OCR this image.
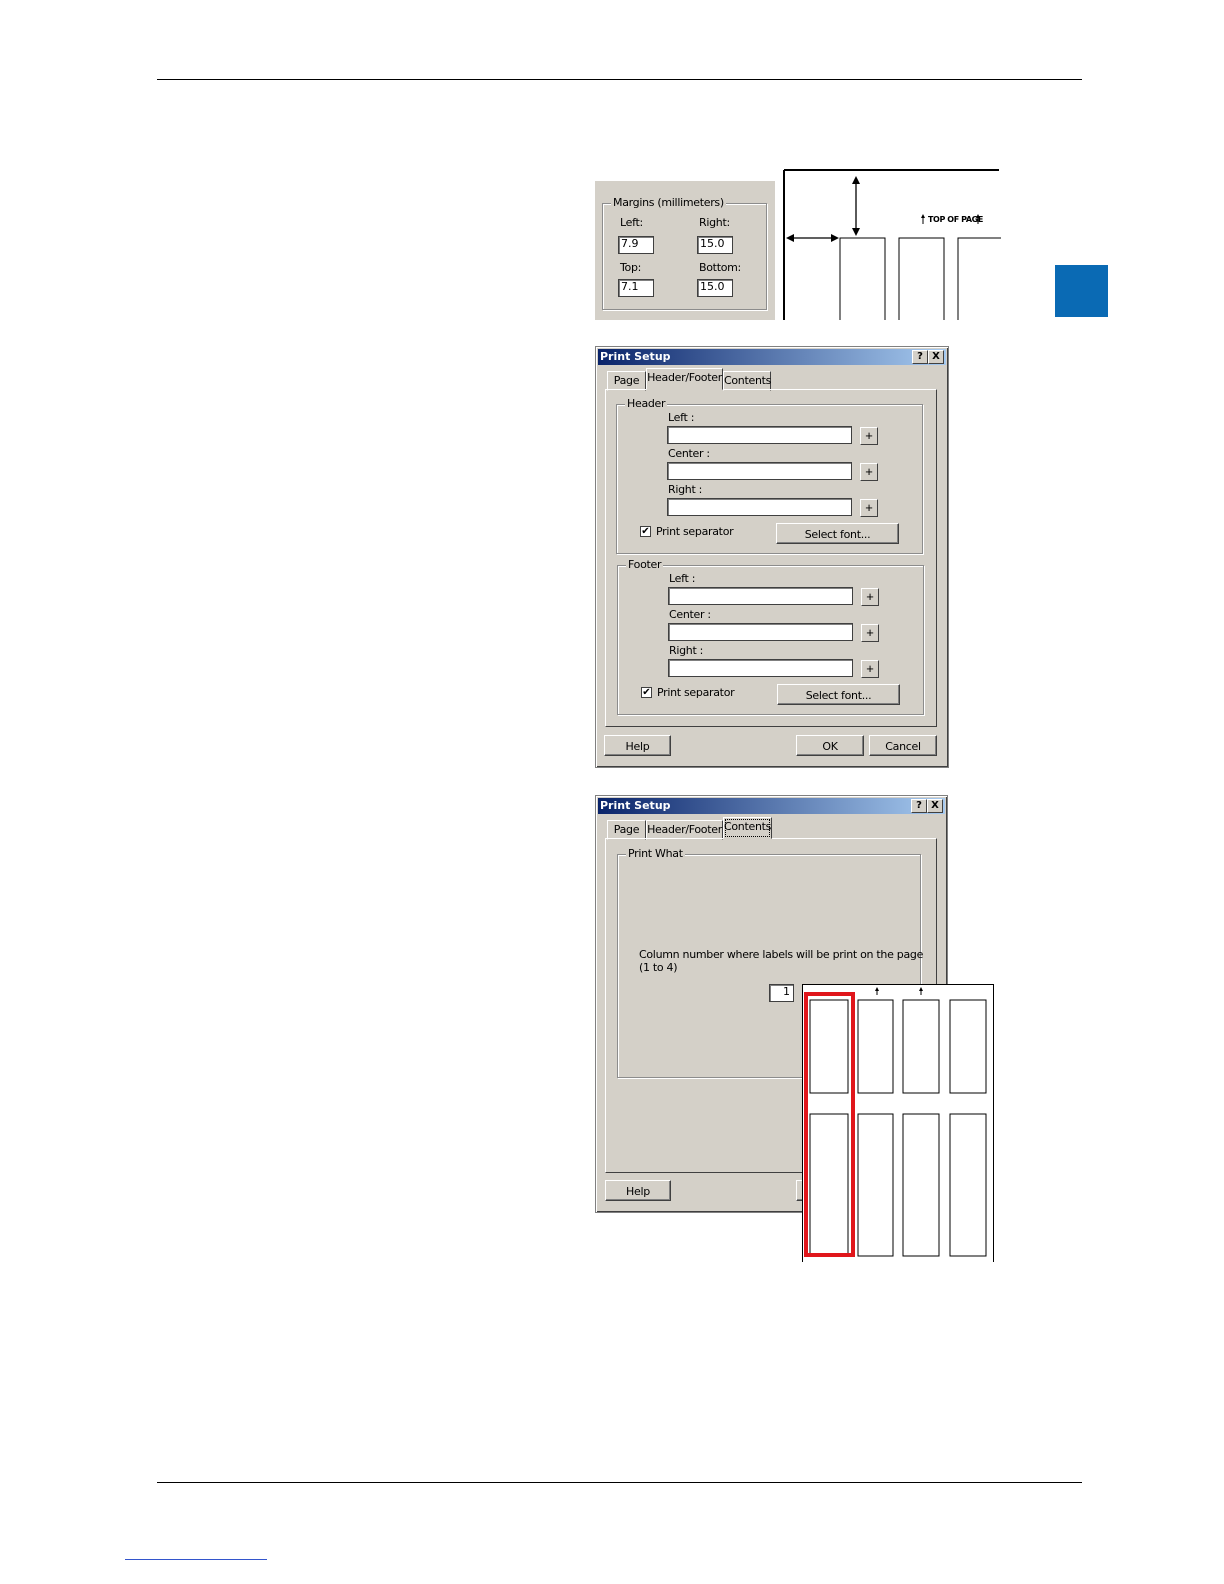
Margins (millimeters)
Left:	Right:
7.9	15.0
Top:	Bottom:
7.1	15.0
TOP OF PAGE
Print Setup	? X
Page Header/Footer Contents
Header
Left :
+
Center :
+
Right :
+
✔ Print separator	Select font...
Footer
Left :
+
Center :
+
Right :
+
✔ Print separator	Select font...
Help	OK	Cancel
Print Setup	? X
Page Header/Footer Contents
Print What
Column number where labels will be print on the page
(1 to 4)
1
Help
